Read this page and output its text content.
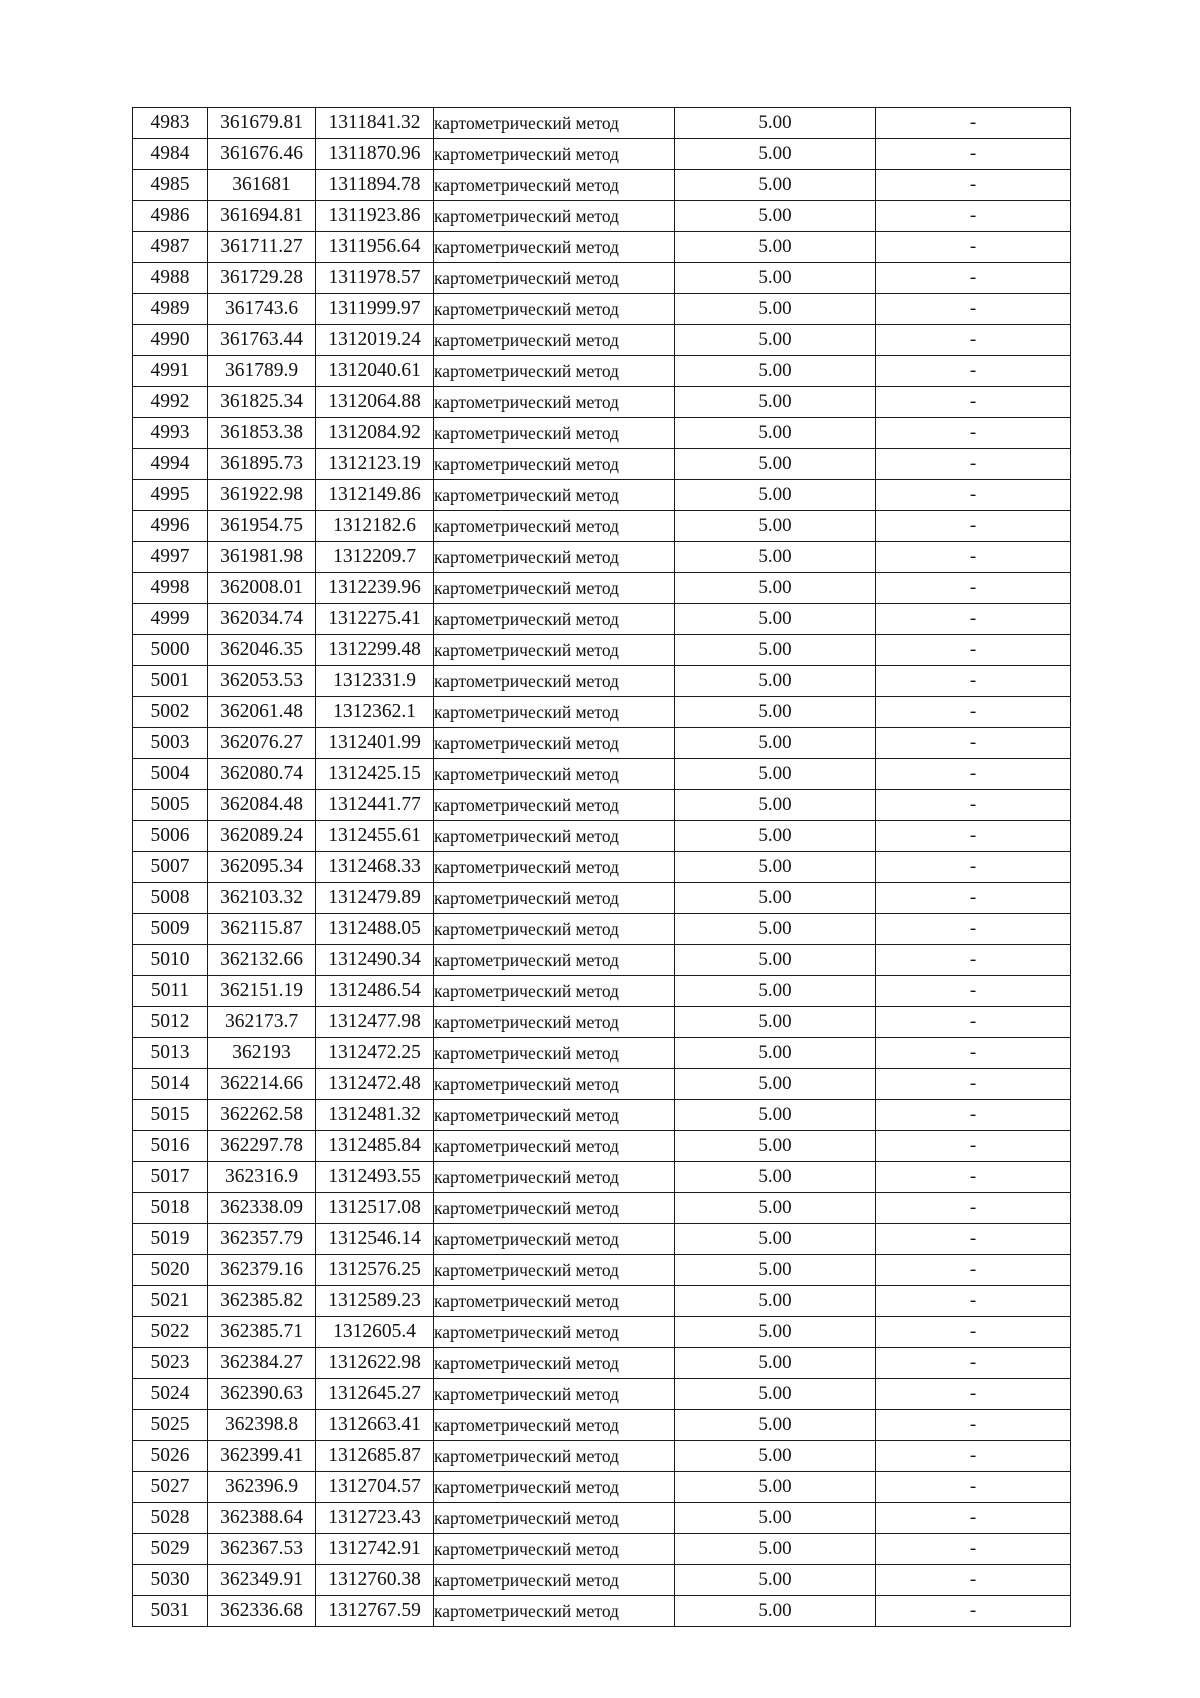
4983	361679.81	1311841.32	картометрический метод	5.00	-
4984	361676.46	1311870.96	картометрический метод	5.00	-
4985	361681	1311894.78	картометрический метод	5.00	-
4986	361694.81	1311923.86	картометрический метод	5.00	-
4987	361711.27	1311956.64	картометрический метод	5.00	-
4988	361729.28	1311978.57	картометрический метод	5.00	-
4989	361743.6	1311999.97	картометрический метод	5.00	-
4990	361763.44	1312019.24	картометрический метод	5.00	-
4991	361789.9	1312040.61	картометрический метод	5.00	-
4992	361825.34	1312064.88	картометрический метод	5.00	-
4993	361853.38	1312084.92	картометрический метод	5.00	-
4994	361895.73	1312123.19	картометрический метод	5.00	-
4995	361922.98	1312149.86	картометрический метод	5.00	-
4996	361954.75	1312182.6	картометрический метод	5.00	-
4997	361981.98	1312209.7	картометрический метод	5.00	-
4998	362008.01	1312239.96	картометрический метод	5.00	-
4999	362034.74	1312275.41	картометрический метод	5.00	-
5000	362046.35	1312299.48	картометрический метод	5.00	-
5001	362053.53	1312331.9	картометрический метод	5.00	-
5002	362061.48	1312362.1	картометрический метод	5.00	-
5003	362076.27	1312401.99	картометрический метод	5.00	-
5004	362080.74	1312425.15	картометрический метод	5.00	-
5005	362084.48	1312441.77	картометрический метод	5.00	-
5006	362089.24	1312455.61	картометрический метод	5.00	-
5007	362095.34	1312468.33	картометрический метод	5.00	-
5008	362103.32	1312479.89	картометрический метод	5.00	-
5009	362115.87	1312488.05	картометрический метод	5.00	-
5010	362132.66	1312490.34	картометрический метод	5.00	-
5011	362151.19	1312486.54	картометрический метод	5.00	-
5012	362173.7	1312477.98	картометрический метод	5.00	-
5013	362193	1312472.25	картометрический метод	5.00	-
5014	362214.66	1312472.48	картометрический метод	5.00	-
5015	362262.58	1312481.32	картометрический метод	5.00	-
5016	362297.78	1312485.84	картометрический метод	5.00	-
5017	362316.9	1312493.55	картометрический метод	5.00	-
5018	362338.09	1312517.08	картометрический метод	5.00	-
5019	362357.79	1312546.14	картометрический метод	5.00	-
5020	362379.16	1312576.25	картометрический метод	5.00	-
5021	362385.82	1312589.23	картометрический метод	5.00	-
5022	362385.71	1312605.4	картометрический метод	5.00	-
5023	362384.27	1312622.98	картометрический метод	5.00	-
5024	362390.63	1312645.27	картометрический метод	5.00	-
5025	362398.8	1312663.41	картометрический метод	5.00	-
5026	362399.41	1312685.87	картометрический метод	5.00	-
5027	362396.9	1312704.57	картометрический метод	5.00	-
5028	362388.64	1312723.43	картометрический метод	5.00	-
5029	362367.53	1312742.91	картометрический метод	5.00	-
5030	362349.91	1312760.38	картометрический метод	5.00	-
5031	362336.68	1312767.59	картометрический метод	5.00	-
